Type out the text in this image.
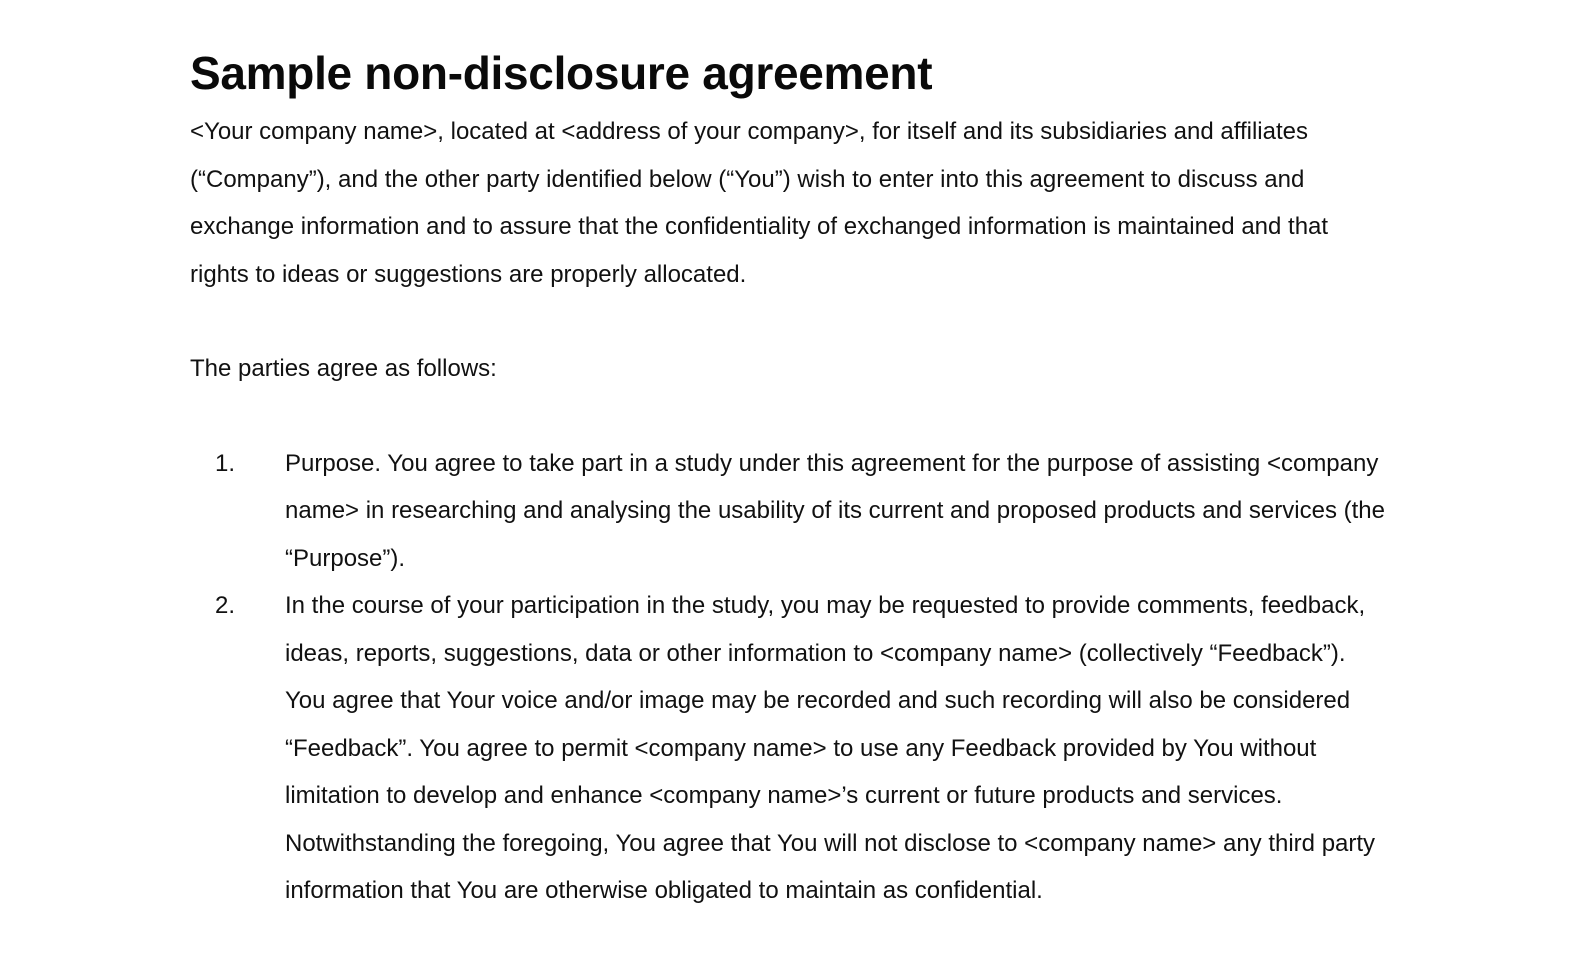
Sample non-disclosure agreement

<Your company name>, located at <address of your company>, for itself and its subsidiaries and affiliates (“Company”), and the other party identified below (“You”) wish to enter into this agreement to discuss and exchange information and to assure that the confidentiality of exchanged information is maintained and that rights to ideas or suggestions are properly allocated.

The parties agree as follows:

1. Purpose. You agree to take part in a study under this agreement for the purpose of assisting <company name> in researching and analysing the usability of its current and proposed products and services (the “Purpose”).
2. In the course of your participation in the study, you may be requested to provide comments, feedback, ideas, reports, suggestions, data or other information to <company name> (collectively “Feedback”). You agree that Your voice and/or image may be recorded and such recording will also be considered “Feedback”. You agree to permit <company name> to use any Feedback provided by You without limitation to develop and enhance <company name>’s current or future products and services. Notwithstanding the foregoing, You agree that You will not disclose to <company name> any third party information that You are otherwise obligated to maintain as confidential.
